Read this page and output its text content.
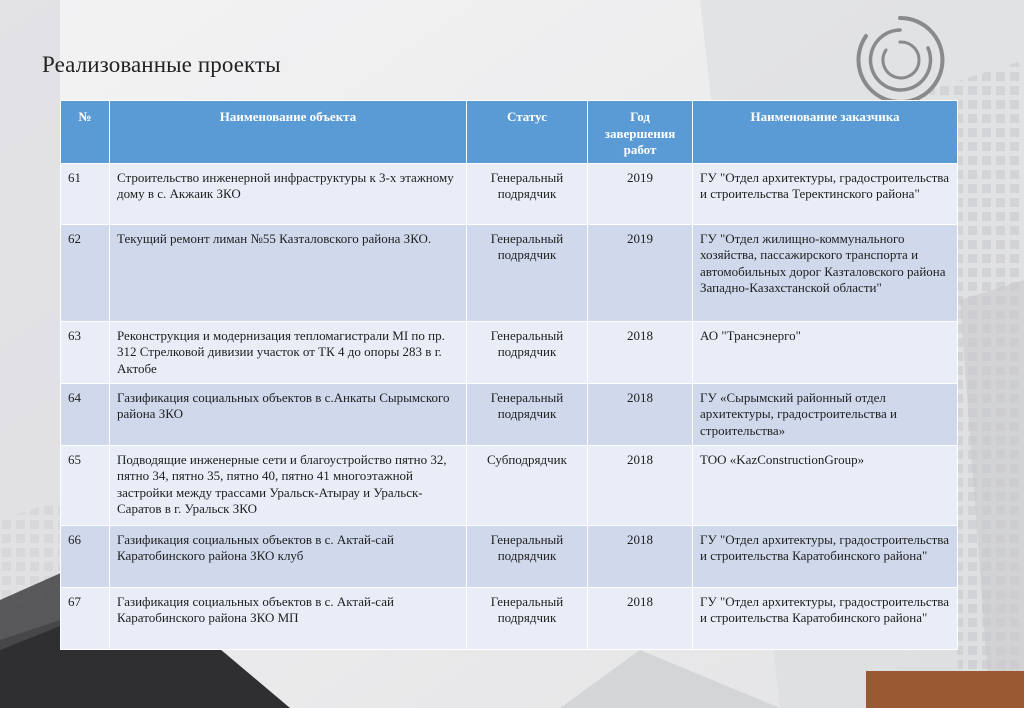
Реализованные проекты
№	Наименование объекта	Статус	Год завершения работ	Наименование заказчика
61	Строительство инженерной инфраструктуры к 3-х этажному дому в с. Акжаик ЗКО	Генеральный подрядчик	2019	ГУ "Отдел архитектуры, градостроительства и строительства Теректинского района"
62	Текущий ремонт лиман №55 Казталовского района ЗКО.	Генеральный подрядчик	2019	ГУ "Отдел жилищно-коммунального хозяйства, пассажирского транспорта и автомобильных дорог Казталовского района Западно-Казахстанской области"
63	Реконструкция и модернизация тепломагистрали МІ по пр. 312 Стрелковой дивизии участок от ТК 4 до опоры 283 в г. Актобе	Генеральный подрядчик	2018	АО "Трансэнерго"
64	Газификация социальных объектов в с.Анкаты Сырымского района ЗКО	Генеральный подрядчик	2018	ГУ «Сырымский районный отдел архитектуры, градостроительства и строительства»
65	Подводящие инженерные сети и благоустройство пятно 32, пятно 34, пятно 35, пятно 40, пятно 41 многоэтажной застройки между трассами Уральск-Атырау и Уральск- Саратов в г. Уральск ЗКО	Субподрядчик	2018	ТОО «KazConstructionGroup»
66	Газификация социальных объектов в с. Актай-сай Каратобинского района ЗКО клуб	Генеральный подрядчик	2018	ГУ "Отдел архитектуры, градостроительства и строительства Каратобинского района"
67	Газификация социальных объектов в с. Актай-сай Каратобинского района ЗКО МП	Генеральный подрядчик	2018	ГУ "Отдел архитектуры, градостроительства и строительства Каратобинского района"
